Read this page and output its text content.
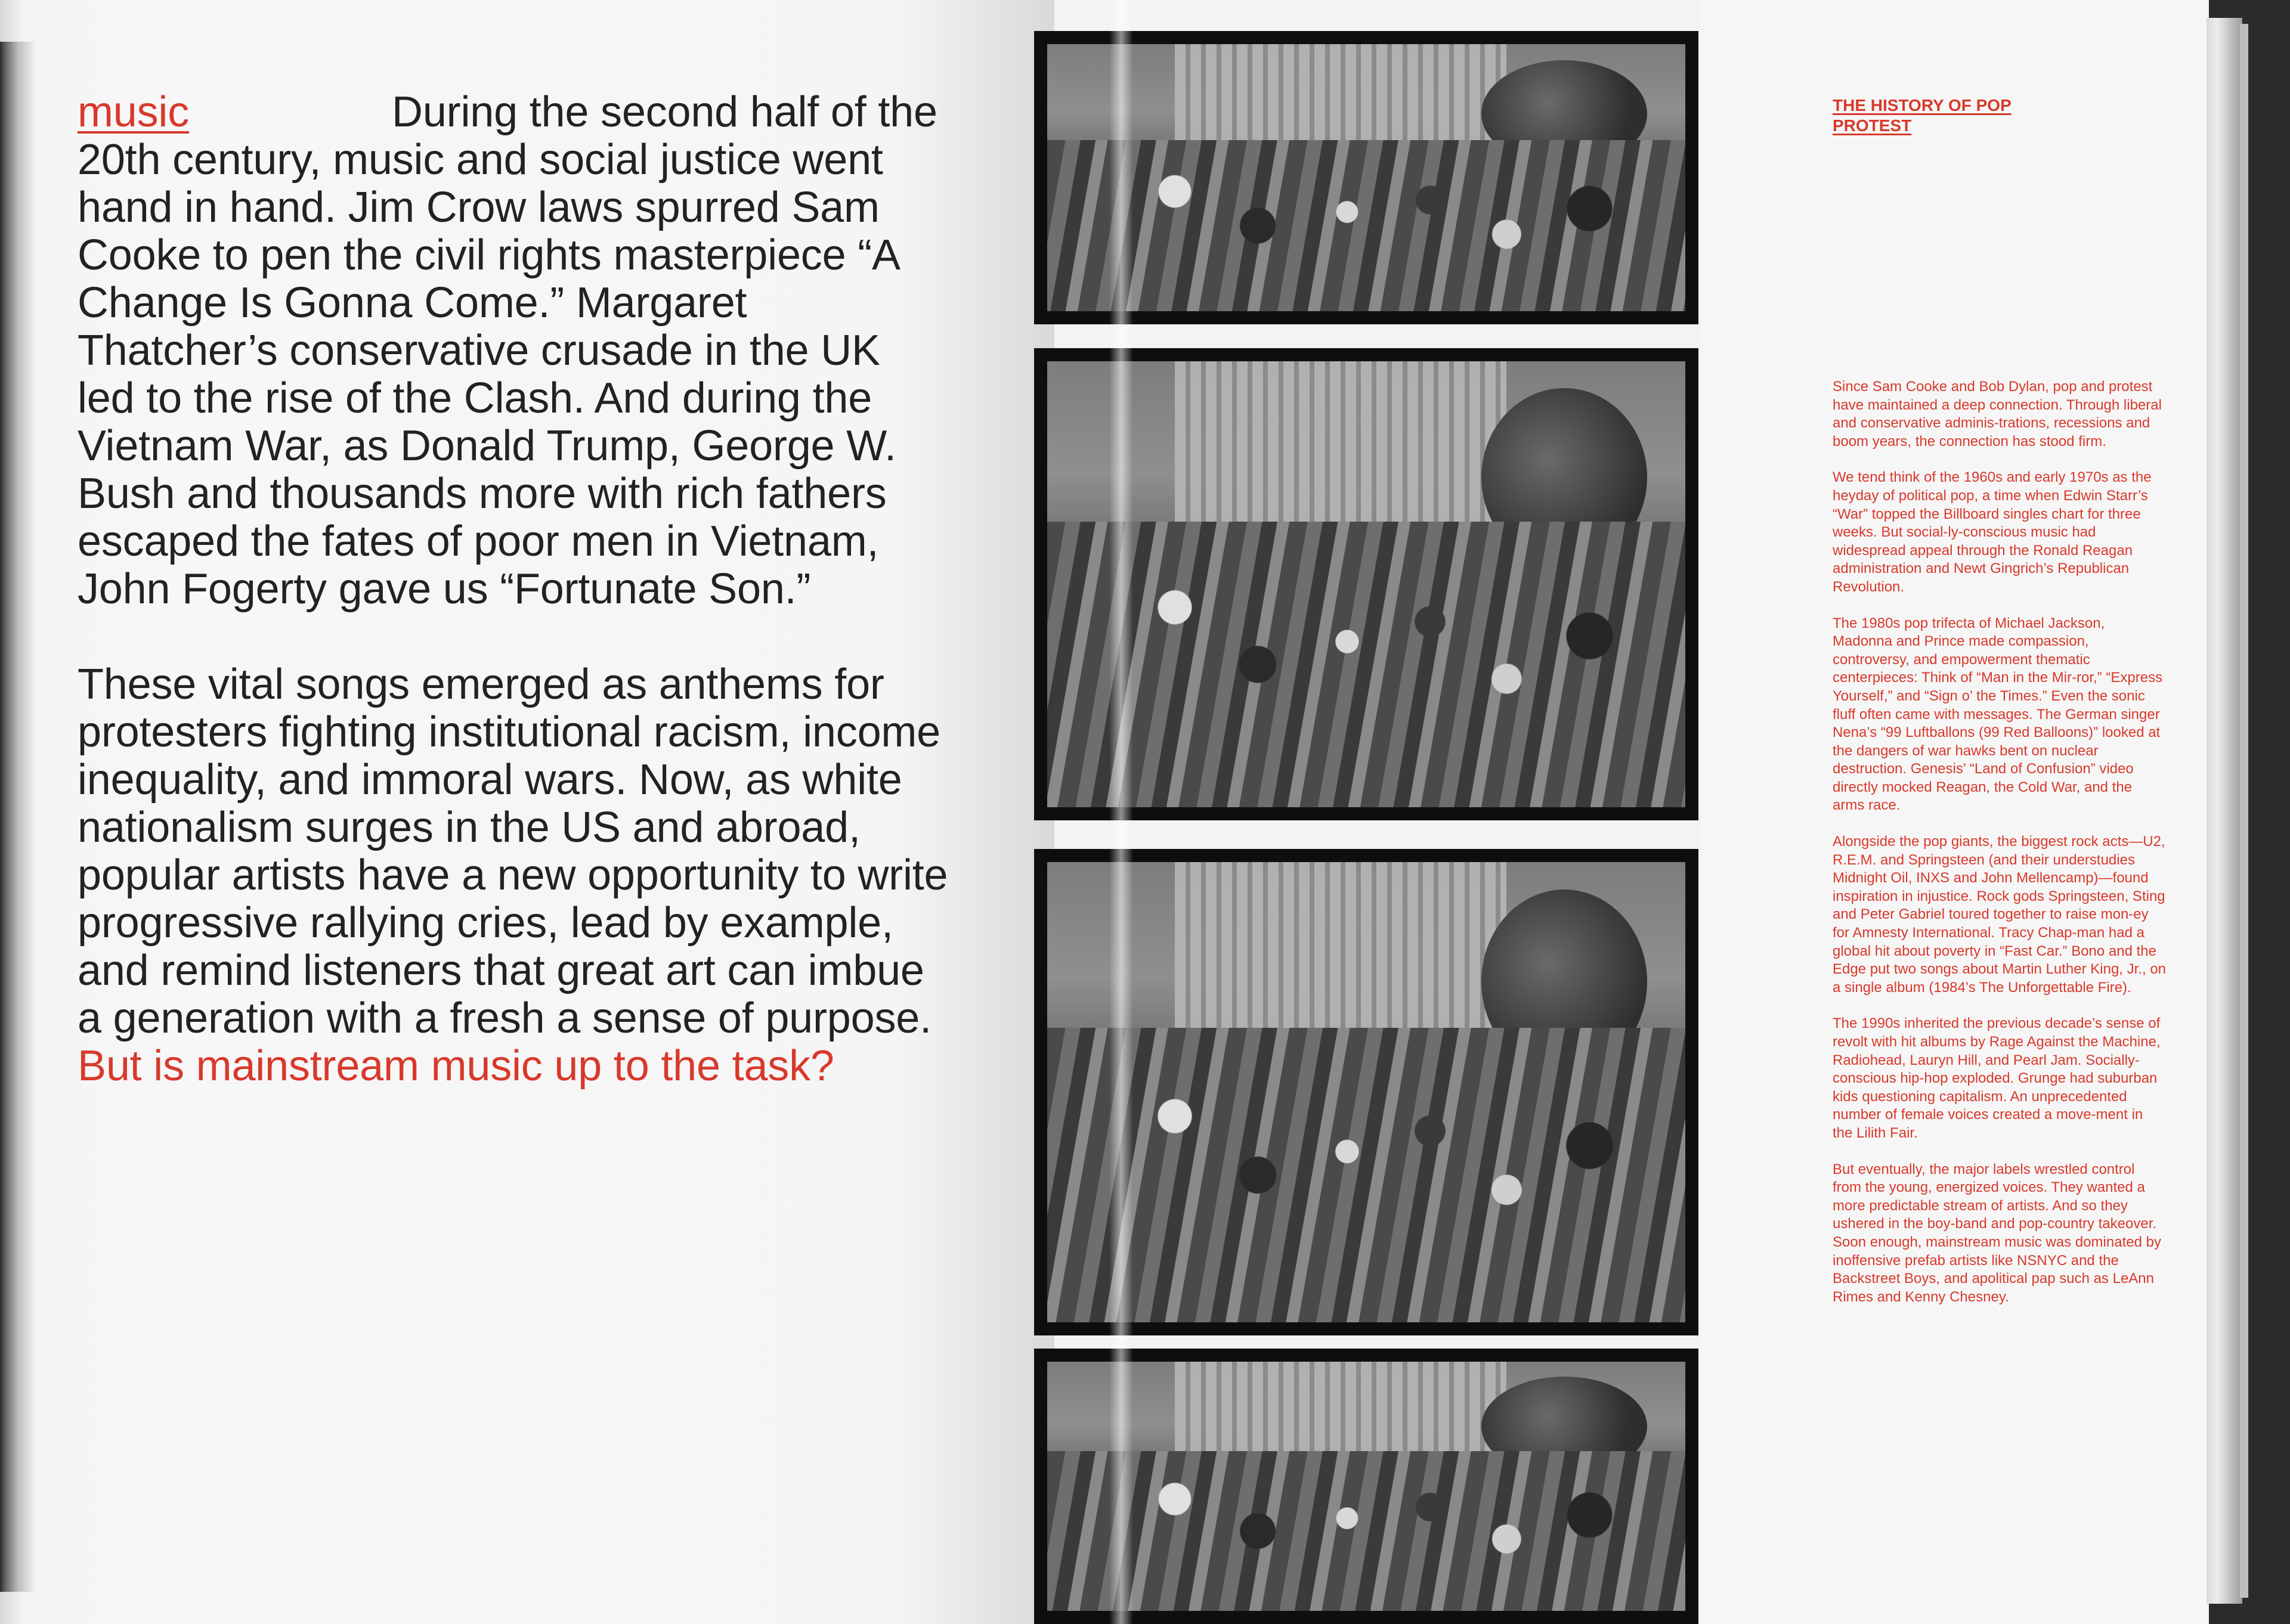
music	During the second half of the 20th century, music and social justice went hand in hand. Jim Crow laws spurred Sam Cooke to pen the civil rights masterpiece “A Change Is Gonna Come.” Margaret Thatcher’s conservative crusade in the UK led to the rise of the Clash. And during the Vietnam War, as Donald Trump, George W. Bush and thousands more with rich fathers escaped the fates of poor men in Vietnam, John Fogerty gave us “Fortunate Son.”

These vital songs emerged as anthems for protesters fighting institutional racism, income inequality, and immoral wars. Now, as white nationalism surges in the US and abroad, popular artists have a new opportunity to write progressive rallying cries, lead by example, and remind listeners that great art can imbue a generation with a fresh a sense of purpose. But is mainstream music up to the task?

THE HISTORY OF POP PROTEST

Since Sam Cooke and Bob Dylan, pop and protest have maintained a deep connection. Through liberal and conservative adminis-trations, recessions and boom years, the connection has stood firm.

We tend think of the 1960s and early 1970s as the heyday of political pop, a time when Edwin Starr’s “War” topped the Billboard singles chart for three weeks. But social-ly-conscious music had widespread appeal through the Ronald Reagan administration and Newt Gingrich’s Republican Revolution.

The 1980s pop trifecta of Michael Jackson, Madonna and Prince made compassion, controversy, and empowerment thematic centerpieces: Think of “Man in the Mir-ror,” “Express Yourself,” and “Sign o’ the Times.” Even the sonic fluff often came with messages. The German singer Nena’s “99 Luftballons (99 Red Balloons)” looked at the dangers of war hawks bent on nuclear destruction. Genesis’ “Land of Confusion” video directly mocked Reagan, the Cold War, and the arms race.

Alongside the pop giants, the biggest rock acts—U2, R.E.M. and Springsteen (and their understudies Midnight Oil, INXS and John Mellencamp)—found inspiration in injustice. Rock gods Springsteen, Sting and Peter Gabriel toured together to raise mon-ey for Amnesty International. Tracy Chap-man had a global hit about poverty in “Fast Car.” Bono and the Edge put two songs about Martin Luther King, Jr., on a single album (1984’s The Unforgettable Fire).

The 1990s inherited the previous decade’s sense of revolt with hit albums by Rage Against the Machine, Radiohead, Lauryn Hill, and Pearl Jam. Socially-conscious hip-hop exploded. Grunge had suburban kids questioning capitalism. An unprecedented number of female voices created a move-ment in the Lilith Fair.

But eventually, the major labels wrestled control from the young, energized voices. They wanted a more predictable stream of artists. And so they ushered in the boy-band and pop-country takeover. Soon enough, mainstream music was dominated by inoffensive prefab artists like NSNYC and the Backstreet Boys, and apolitical pap such as LeAnn Rimes and Kenny Chesney.
